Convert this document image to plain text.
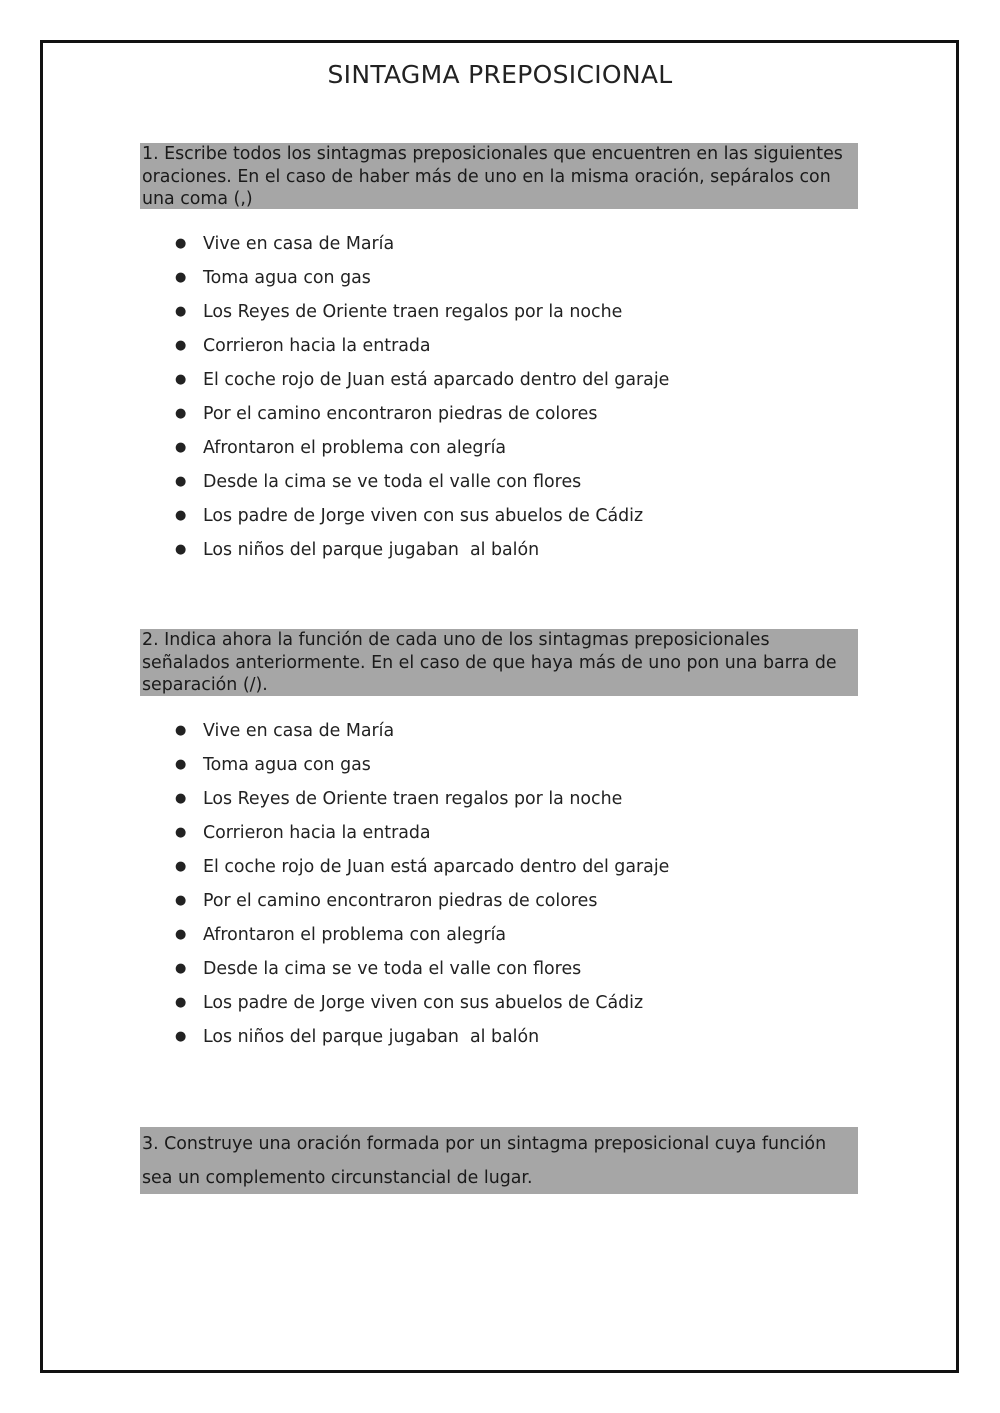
SINTAGMA PREPOSICIONAL
1. Escribe todos los sintagmas preposicionales que encuentren en las siguientes oraciones. En el caso de haber más de uno en la misma oración, sepáralos con una coma (,)
● Vive en casa de María
● Toma agua con gas
● Los Reyes de Oriente traen regalos por la noche
● Corrieron hacia la entrada
● El coche rojo de Juan está aparcado dentro del garaje
● Por el camino encontraron piedras de colores
● Afrontaron el problema con alegría
● Desde la cima se ve toda el valle con flores
● Los padre de Jorge viven con sus abuelos de Cádiz
● Los niños del parque jugaban  al balón
2. Indica ahora la función de cada uno de los sintagmas preposicionales señalados anteriormente. En el caso de que haya más de uno pon una barra de separación (/).
● Vive en casa de María
● Toma agua con gas
● Los Reyes de Oriente traen regalos por la noche
● Corrieron hacia la entrada
● El coche rojo de Juan está aparcado dentro del garaje
● Por el camino encontraron piedras de colores
● Afrontaron el problema con alegría
● Desde la cima se ve toda el valle con flores
● Los padre de Jorge viven con sus abuelos de Cádiz
● Los niños del parque jugaban  al balón
3. Construye una oración formada por un sintagma preposicional cuya función sea un complemento circunstancial de lugar.
